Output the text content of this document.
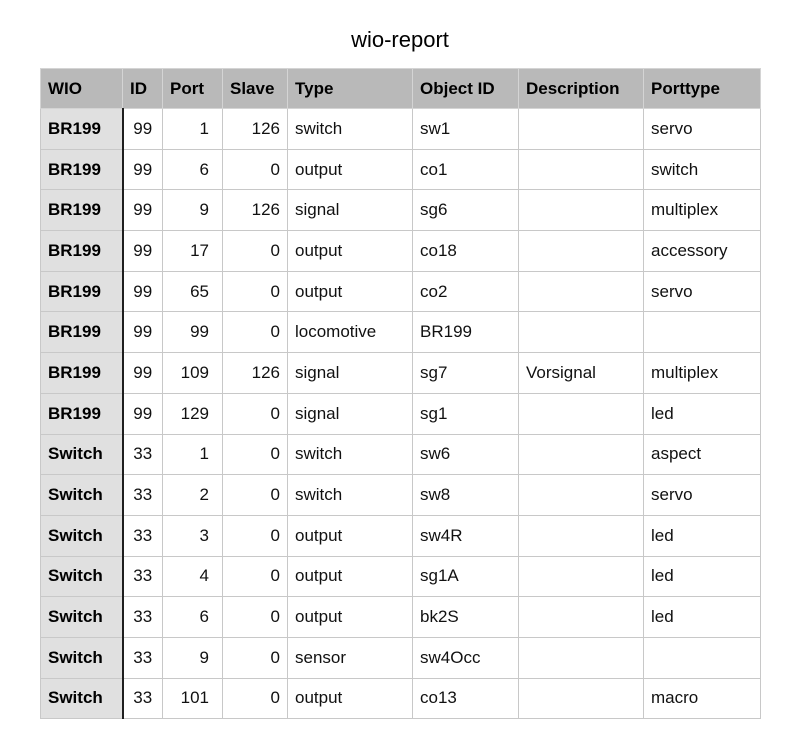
wio-report
WIO	ID	Port	Slave	Type	Object ID	Description	Porttype
BR199	99	1	126	switch	sw1		servo
BR199	99	6	0	output	co1		switch
BR199	99	9	126	signal	sg6		multiplex
BR199	99	17	0	output	co18		accessory
BR199	99	65	0	output	co2		servo
BR199	99	99	0	locomotive	BR199		
BR199	99	109	126	signal	sg7	Vorsignal	multiplex
BR199	99	129	0	signal	sg1		led
Switch	33	1	0	switch	sw6		aspect
Switch	33	2	0	switch	sw8		servo
Switch	33	3	0	output	sw4R		led
Switch	33	4	0	output	sg1A		led
Switch	33	6	0	output	bk2S		led
Switch	33	9	0	sensor	sw4Occ		
Switch	33	101	0	output	co13		macro
